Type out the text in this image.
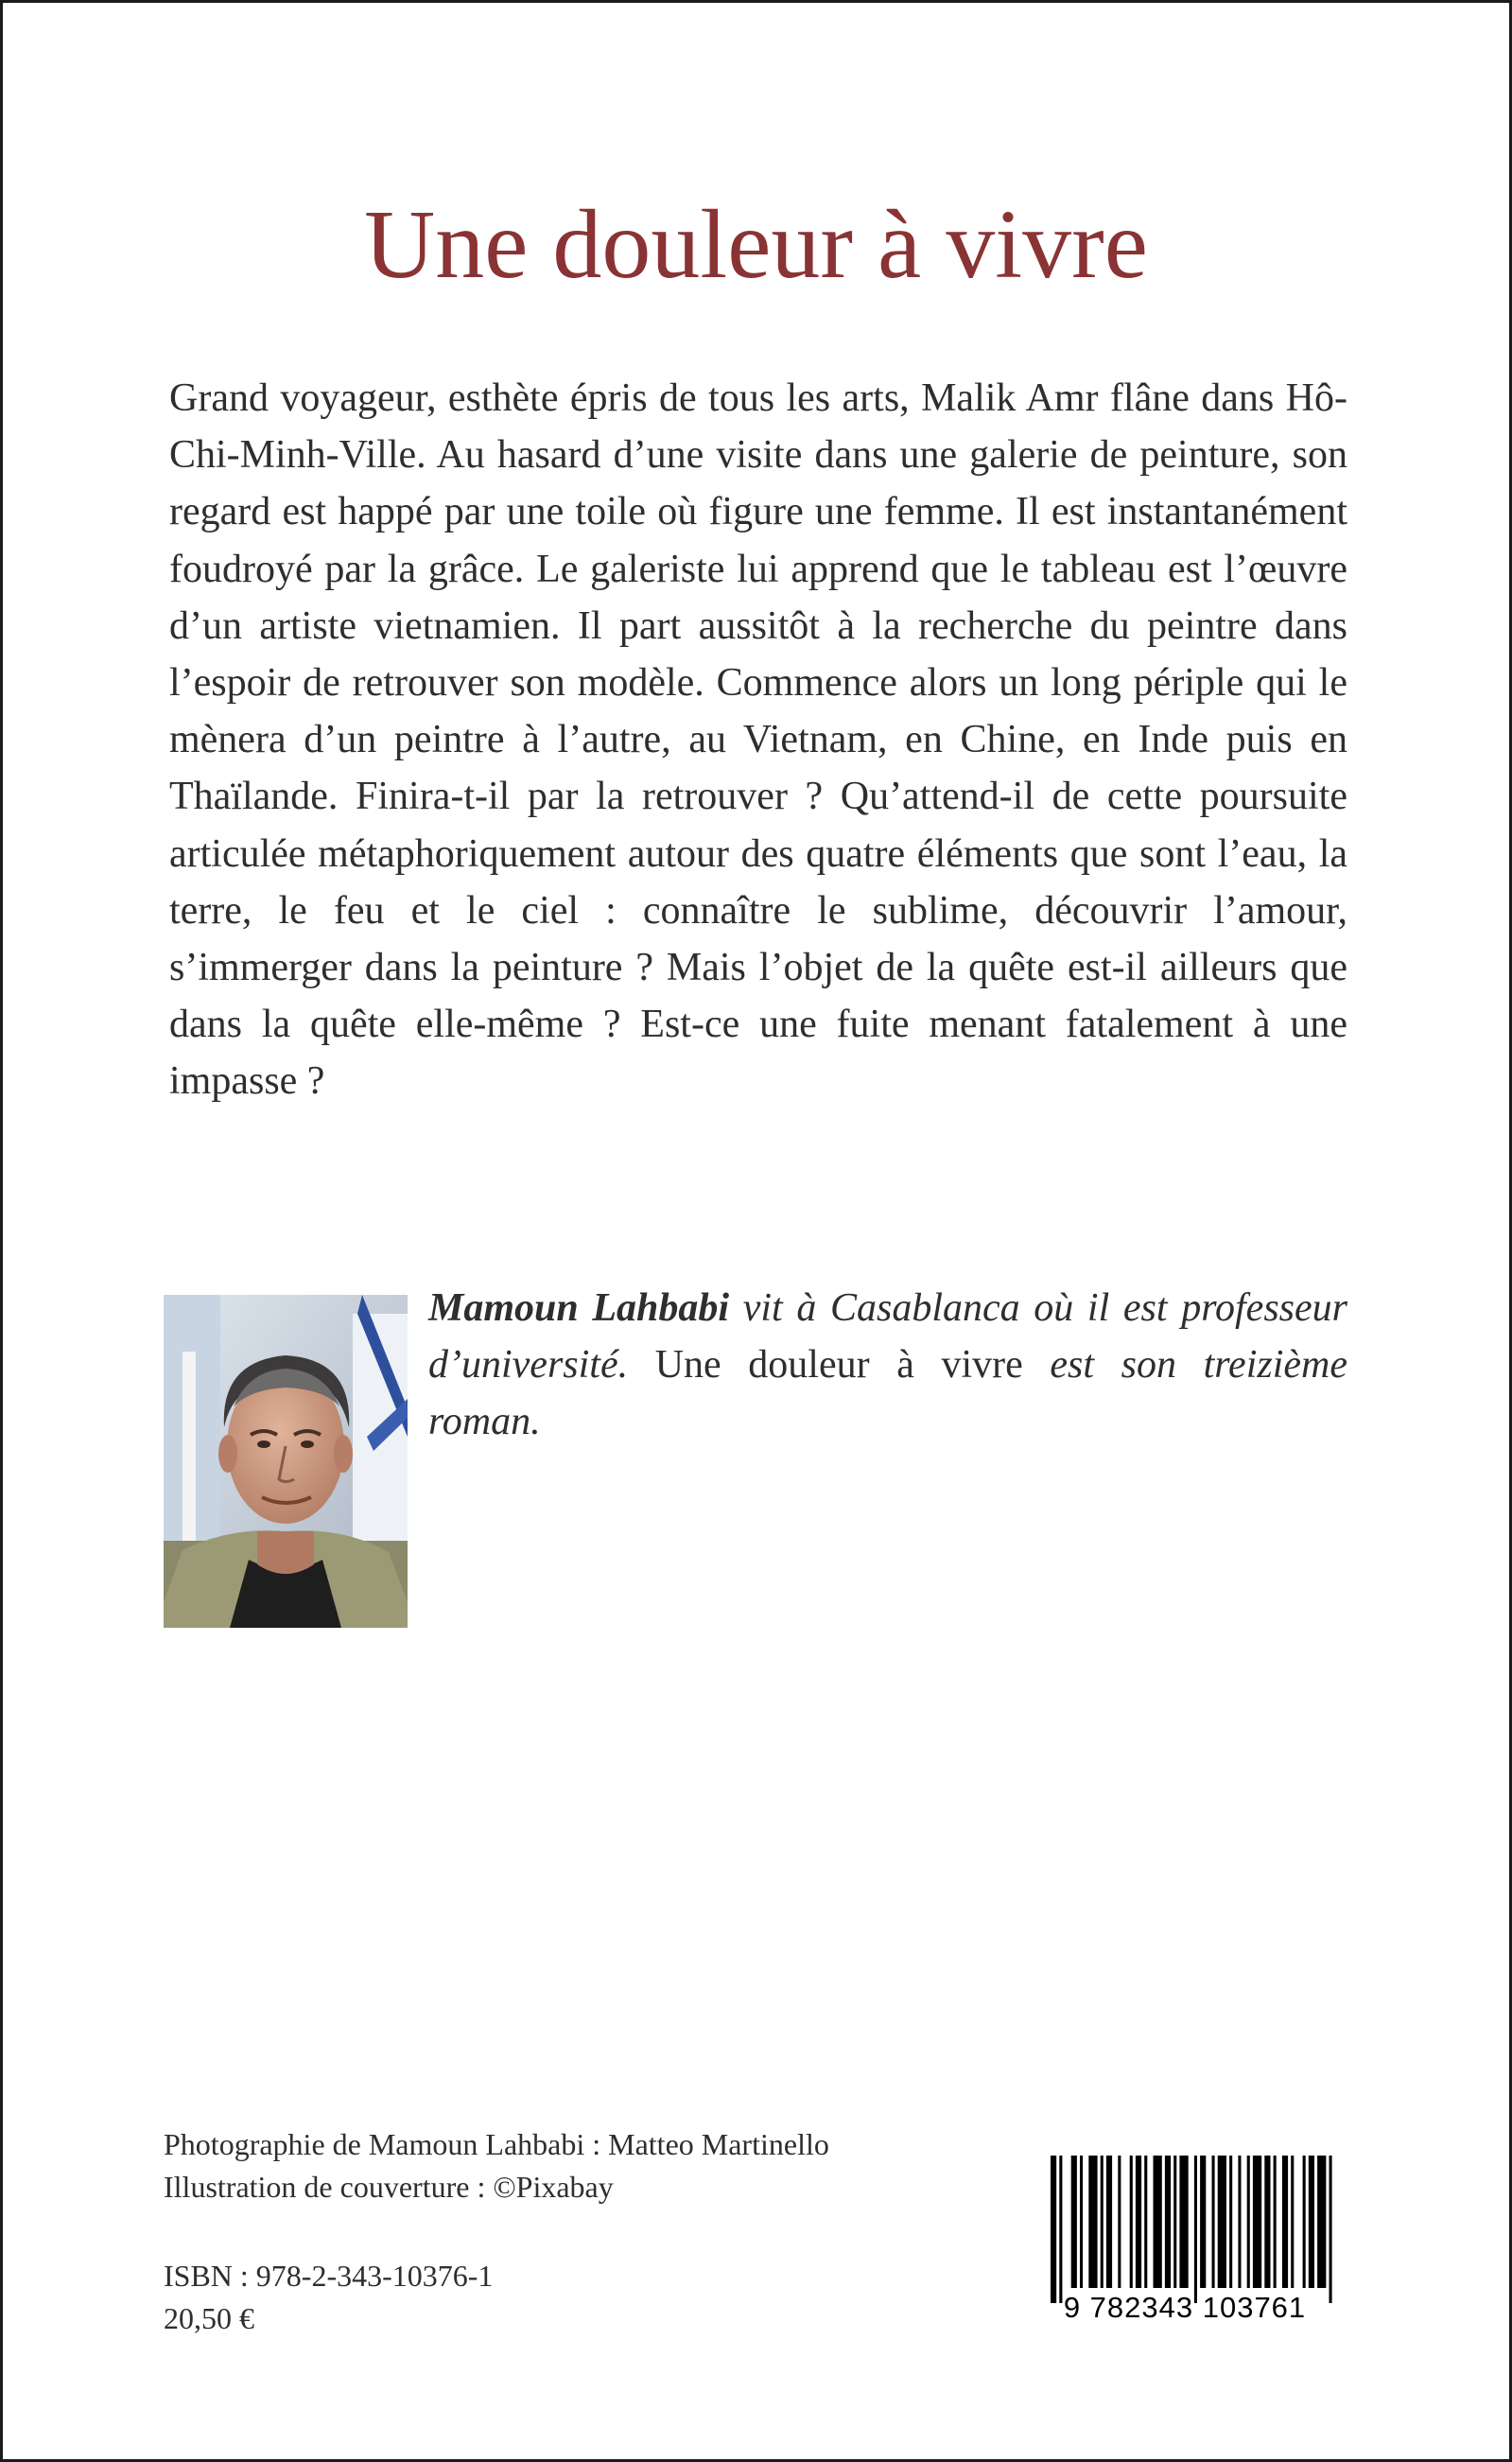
Une douleur à vivre

Grand voyageur, esthète épris de tous les arts, Malik Amr flâne dans Hô-Chi-Minh-Ville. Au hasard d’une visite dans une galerie de peinture, son regard est happé par une toile où figure une femme. Il est instantanément foudroyé par la grâce. Le galeriste lui apprend que le tableau est l’œuvre d’un artiste vietnamien. Il part aussitôt à la recherche du peintre dans l’espoir de retrouver son modèle. Commence alors un long périple qui le mènera d’un peintre à l’autre, au Vietnam, en Chine, en Inde puis en Thaïlande. Finira-t-il par la retrouver ? Qu’attend-il de cette poursuite articulée métaphoriquement autour des quatre éléments que sont l’eau, la terre, le feu et le ciel : connaître le sublime, découvrir l’amour, s’immerger dans la peinture ? Mais l’objet de la quête est-il ailleurs que dans la quête elle-même ? Est-ce une fuite menant fatalement à une impasse ?

Mamoun Lahbabi vit à Casablanca où il est professeur d’université. Une douleur à vivre est son treizième roman.

Photographie de Mamoun Lahbabi : Matteo Martinello
Illustration de couverture : ©Pixabay
ISBN : 978-2-343-10376-1
20,50 €	9 782343 103761
